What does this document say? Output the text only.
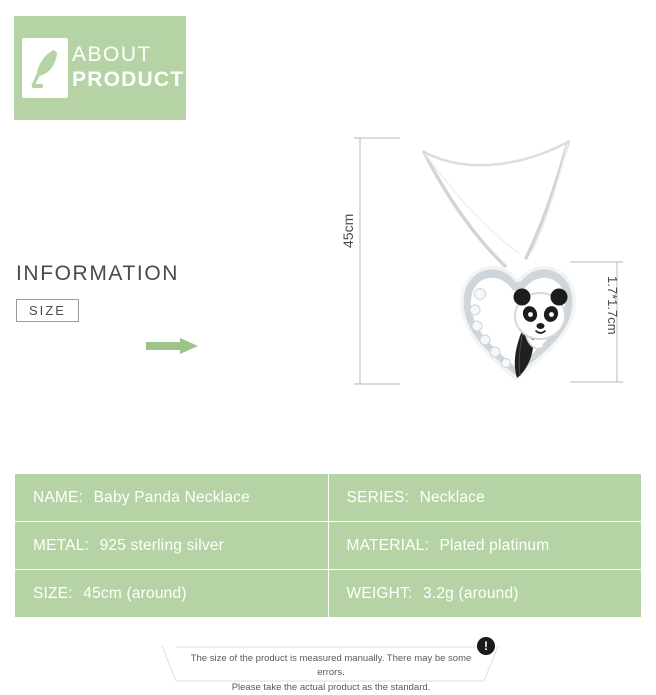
ABOUT
PRODUCT
INFORMATION
SIZE
45cm
1.7*1.7cm
NAME: Baby Panda Necklace	SERIES: Necklace
METAL: 925 sterling silver	MATERIAL: Plated platinum
SIZE: 45cm (around)	WEIGHT: 3.2g (around)
!
The size of the product is measured manually. There may be some errors.
Please take the actual product as the standard.
